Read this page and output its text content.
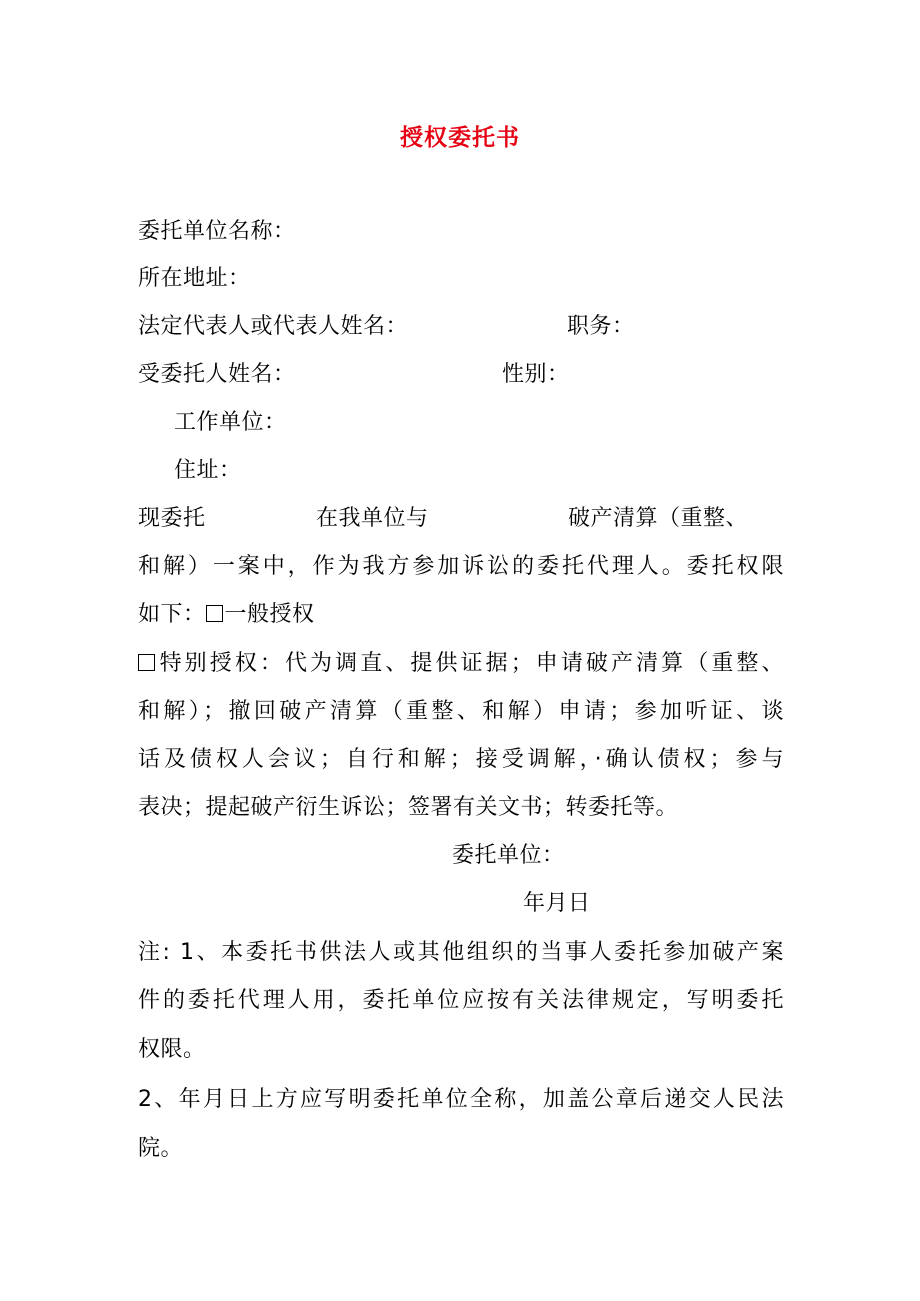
授权委托书
委托单位名称：
所在地址：
法定代表人或代表人姓名：	职务：
受委托人姓名：	性别：
工作单位：
住址：
现委托	在我单位与	破产清算（重整、
和解）一案中，作为我方参加诉讼的委托代理人。委托权限
如下： 一般授权
特别授权：代为调直、提供证据；申请破产清算（重整、
和解）；撤回破产清算（重整、和解）申请；参加听证、谈
话及债权人会议；自行和解；接受调解，·确认债权；参与
表决；提起破产衍生诉讼；签署有关文书；转委托等。
委托单位：
年月日
注: 1、本委托书供法人或其他组织的当事人委托参加破产案
件的委托代理人用，委托单位应按有关法律规定，写明委托
权限。
2、年月日上方应写明委托单位全称，加盖公章后递交人民法
院。
